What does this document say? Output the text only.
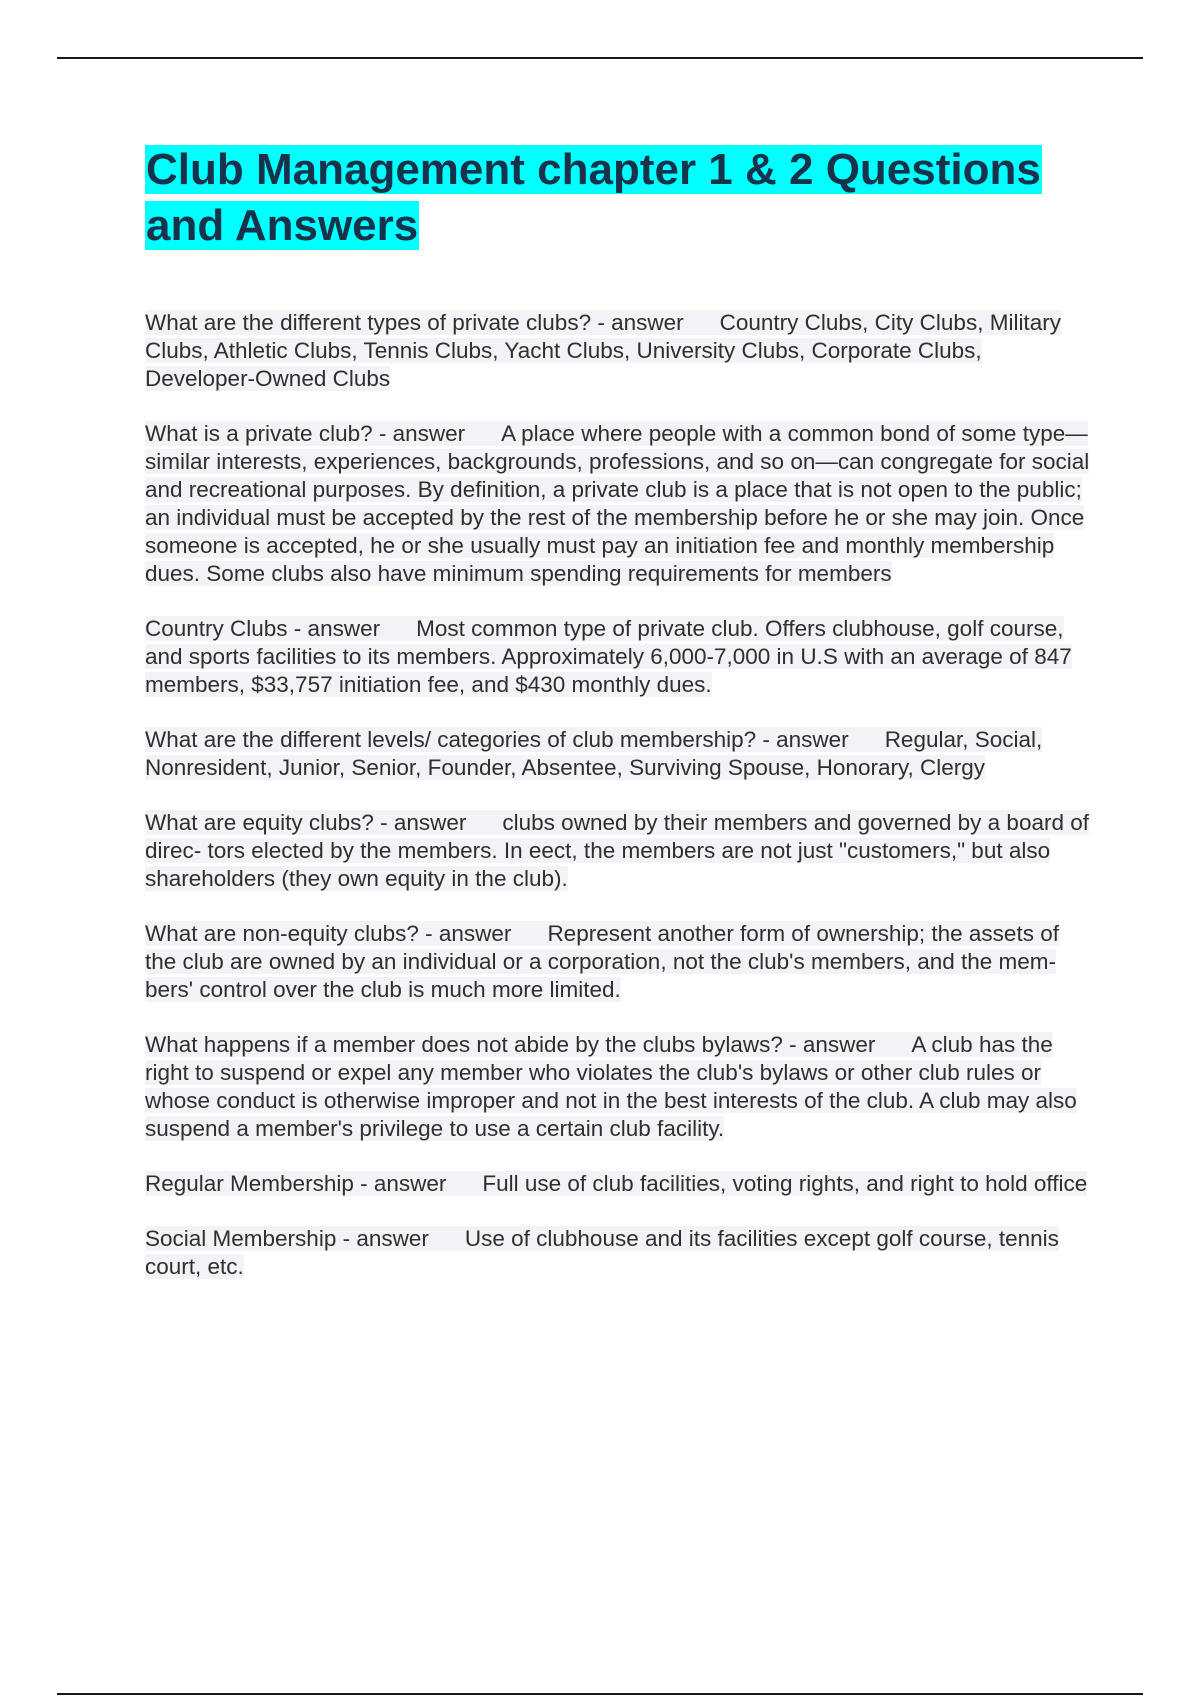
Club Management chapter 1 & 2 Questions and Answers

What are the different types of private clubs? - answer Country Clubs, City Clubs, Military Clubs, Athletic Clubs, Tennis Clubs, Yacht Clubs, University Clubs, Corporate Clubs, Developer-Owned Clubs

What is a private club? - answer A place where people with a common bond of some type—similar interests, experiences, backgrounds, professions, and so on—can congregate for social and recreational purposes. By definition, a private club is a place that is not open to the public; an individual must be accepted by the rest of the membership before he or she may join. Once someone is accepted, he or she usually must pay an initiation fee and monthly membership dues. Some clubs also have minimum spending requirements for members

Country Clubs - answer Most common type of private club. Offers clubhouse, golf course, and sports facilities to its members. Approximately 6,000-7,000 in U.S with an average of 847 members, $33,757 initiation fee, and $430 monthly dues.

What are the different levels/ categories of club membership? - answer Regular, Social, Nonresident, Junior, Senior, Founder, Absentee, Surviving Spouse, Honorary, Clergy

What are equity clubs? - answer clubs owned by their members and governed by a board of direc- tors elected by the members. In eect, the members are not just "customers," but also shareholders (they own equity in the club).

What are non-equity clubs? - answer Represent another form of ownership; the assets of the club are owned by an individual or a corporation, not the club's members, and the mem- bers' control over the club is much more limited.

What happens if a member does not abide by the clubs bylaws? - answer A club has the right to suspend or expel any member who violates the club's bylaws or other club rules or whose conduct is otherwise improper and not in the best interests of the club. A club may also suspend a member's privilege to use a certain club facility.

Regular Membership - answer Full use of club facilities, voting rights, and right to hold office

Social Membership - answer Use of clubhouse and its facilities except golf course, tennis court, etc.
